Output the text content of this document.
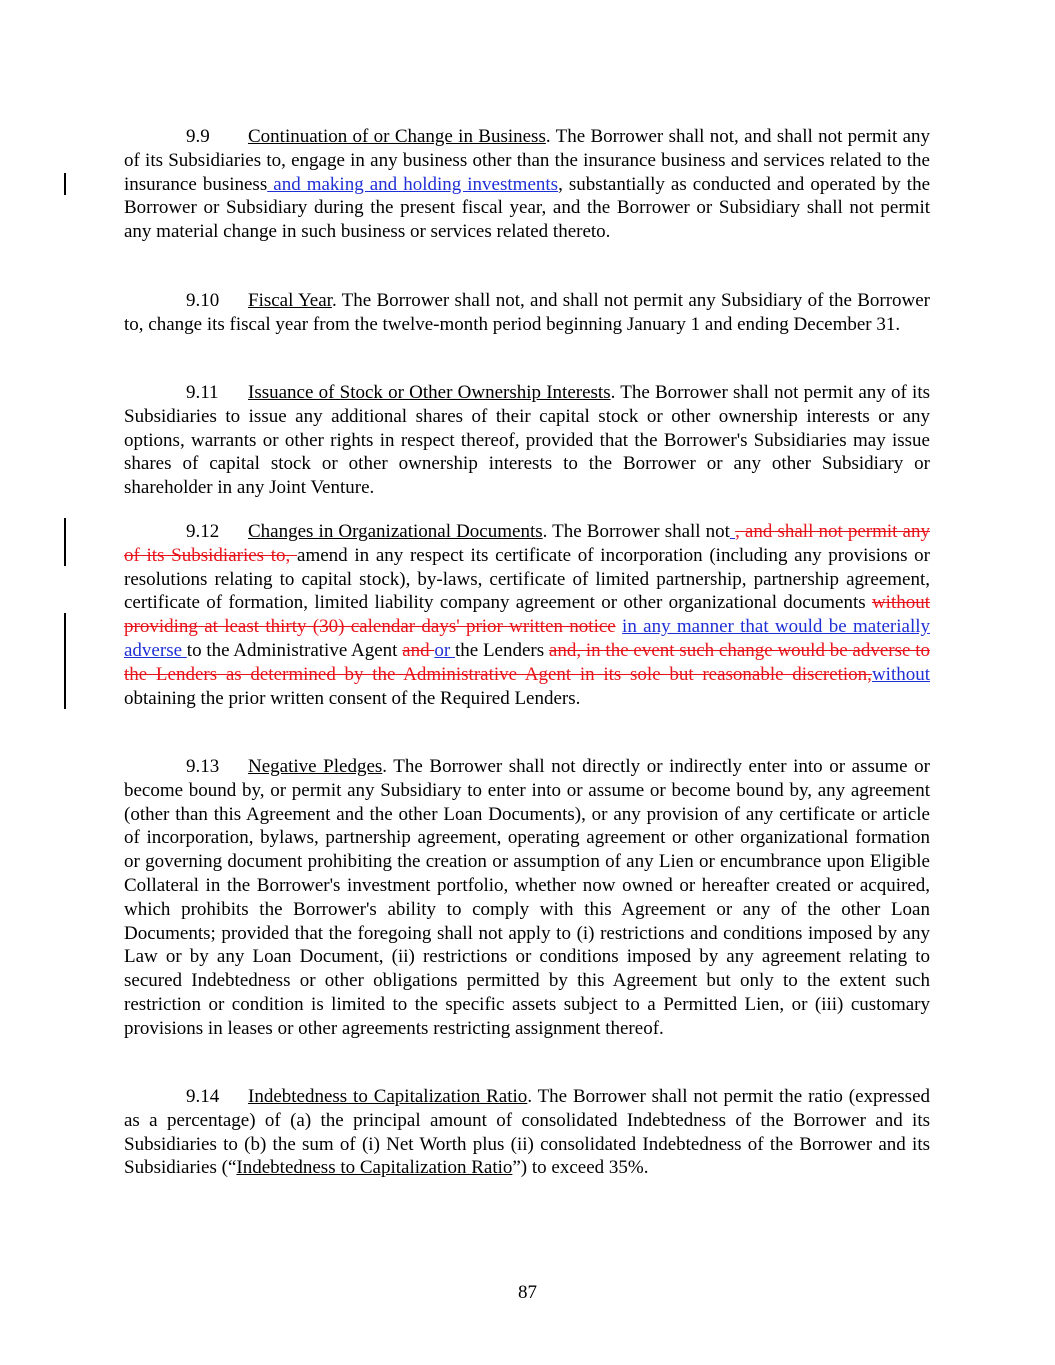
9.9 Continuation of or Change in Business. The Borrower shall not, and shall not permit any of its Subsidiaries to, engage in any business other than the insurance business and services related to the insurance business and making and holding investments, substantially as conducted and operated by the Borrower or Subsidiary during the present fiscal year, and the Borrower or Subsidiary shall not permit any material change in such business or services related thereto.

9.10 Fiscal Year. The Borrower shall not, and shall not permit any Subsidiary of the Borrower to, change its fiscal year from the twelve-month period beginning January 1 and ending December 31.

9.11 Issuance of Stock or Other Ownership Interests. The Borrower shall not permit any of its Subsidiaries to issue any additional shares of their capital stock or other ownership interests or any options, warrants or other rights in respect thereof, provided that the Borrower's Subsidiaries may issue shares of capital stock or other ownership interests to the Borrower or any other Subsidiary or shareholder in any Joint Venture.

9.12 Changes in Organizational Documents. The Borrower shall not , and shall not permit any of its Subsidiaries to, amend in any respect its certificate of incorporation (including any provisions or resolutions relating to capital stock), by-laws, certificate of limited partnership, partnership agreement, certificate of formation, limited liability company agreement or other organizational documents without providing at least thirty (30) calendar days' prior written notice in any manner that would be materially adverse to the Administrative Agent and or the Lenders and, in the event such change would be adverse to the Lenders as determined by the Administrative Agent in its sole but reasonable discretion,without obtaining the prior written consent of the Required Lenders.

9.13 Negative Pledges. The Borrower shall not directly or indirectly enter into or assume or become bound by, or permit any Subsidiary to enter into or assume or become bound by, any agreement (other than this Agreement and the other Loan Documents), or any provision of any certificate or article of incorporation, bylaws, partnership agreement, operating agreement or other organizational formation or governing document prohibiting the creation or assumption of any Lien or encumbrance upon Eligible Collateral in the Borrower's investment portfolio, whether now owned or hereafter created or acquired, which prohibits the Borrower's ability to comply with this Agreement or any of the other Loan Documents; provided that the foregoing shall not apply to (i) restrictions and conditions imposed by any Law or by any Loan Document, (ii) restrictions or conditions imposed by any agreement relating to secured Indebtedness or other obligations permitted by this Agreement but only to the extent such restriction or condition is limited to the specific assets subject to a Permitted Lien, or (iii) customary provisions in leases or other agreements restricting assignment thereof.

9.14 Indebtedness to Capitalization Ratio. The Borrower shall not permit the ratio (expressed as a percentage) of (a) the principal amount of consolidated Indebtedness of the Borrower and its Subsidiaries to (b) the sum of (i) Net Worth plus (ii) consolidated Indebtedness of the Borrower and its Subsidiaries (“Indebtedness to Capitalization Ratio”) to exceed 35%.

87
